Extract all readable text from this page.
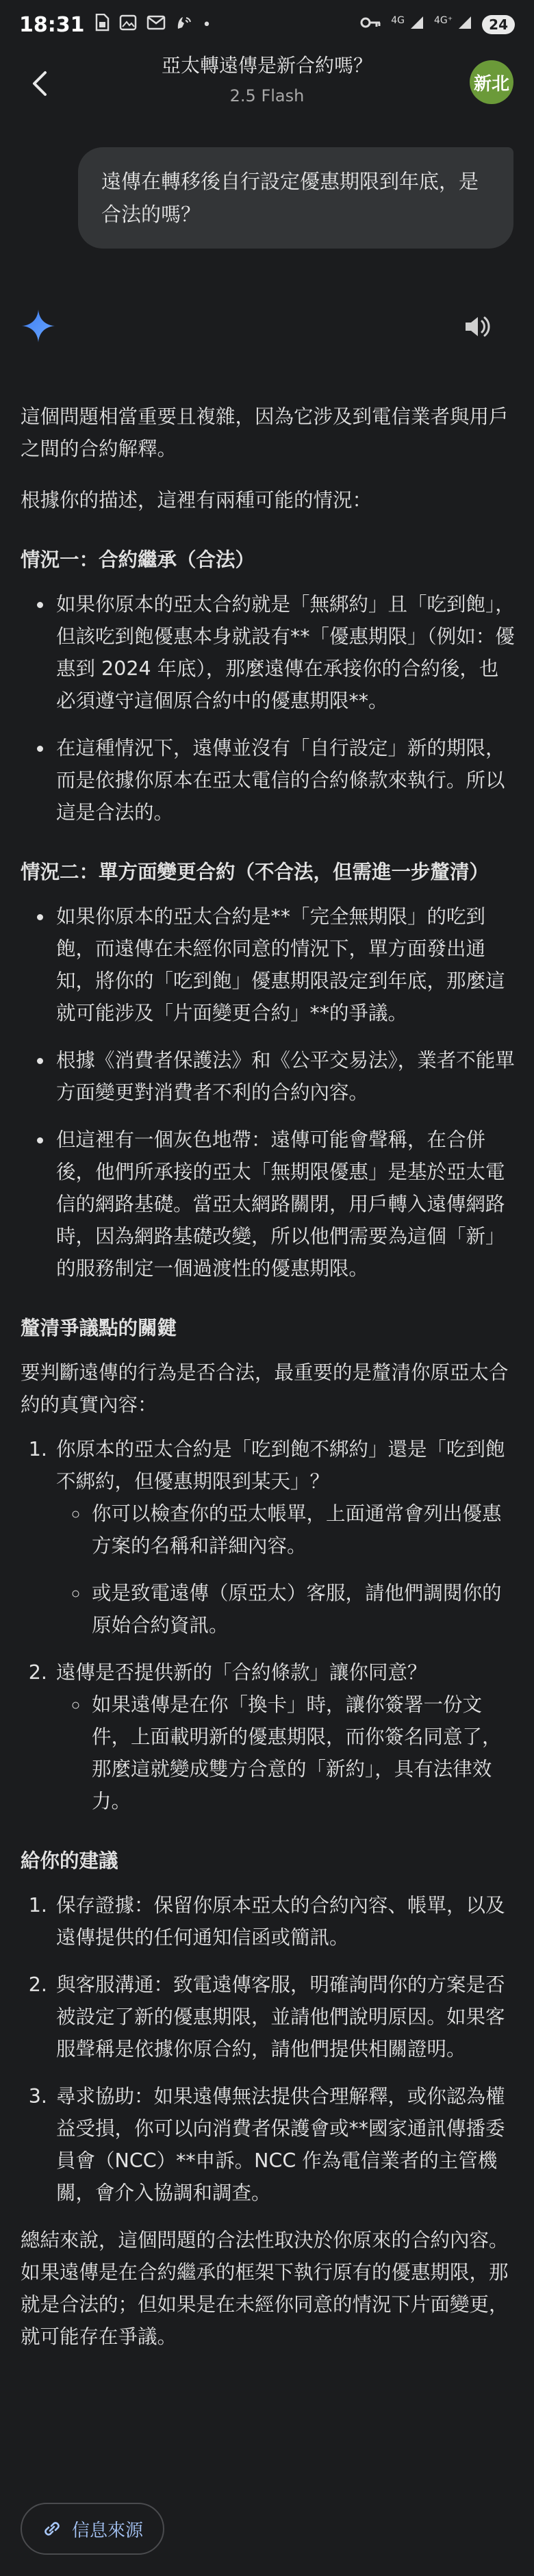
18:31	•	$^{4G}$	$^{4G^+}$	24
亞太轉遠傳是新合約嗎？
2.5 Flash
新北
遠傳在轉移後自行設定優惠期限到年底，是合法的嗎？

這個問題相當重要且複雜，因為它涉及到電信業者與用戶之間的合約解釋。

根據你的描述，這裡有兩種可能的情況：

情況一：合約繼承（合法）
• 如果你原本的亞太合約就是「無綁約」且「吃到飽」，但該吃到飽優惠本身就設有**「優惠期限」（例如：優惠到 2024 年底），那麼遠傳在承接你的合約後，也必須遵守這個原合約中的優惠期限**。
• 在這種情況下，遠傳並沒有「自行設定」新的期限，而是依據你原本在亞太電信的合約條款來執行。所以這是合法的。
情況二：單方面變更合約（不合法，但需進一步釐清）
• 如果你原本的亞太合約是**「完全無期限」的吃到飽，而遠傳在未經你同意的情況下，單方面發出通知，將你的「吃到飽」優惠期限設定到年底，那麼這就可能涉及「片面變更合約」**的爭議。
• 根據《消費者保護法》和《公平交易法》，業者不能單方面變更對消費者不利的合約內容。
• 但這裡有一個灰色地帶：遠傳可能會聲稱，在合併後，他們所承接的亞太「無期限優惠」是基於亞太電信的網路基礎。當亞太網路關閉，用戶轉入遠傳網路時，因為網路基礎改變，所以他們需要為這個「新」的服務制定一個過渡性的優惠期限。
釐清爭議點的關鍵

要判斷遠傳的行為是否合法，最重要的是釐清你原亞太合約的真實內容：

1. 你原本的亞太合約是「吃到飽不綁約」還是「吃到飽不綁約，但優惠期限到某天」？
◦ 你可以檢查你的亞太帳單，上面通常會列出優惠方案的名稱和詳細內容。
◦ 或是致電遠傳（原亞太）客服，請他們調閱你的原始合約資訊。
2. 遠傳是否提供新的「合約條款」讓你同意？
◦ 如果遠傳是在你「換卡」時，讓你簽署一份文件，上面載明新的優惠期限，而你簽名同意了，那麼這就變成雙方合意的「新約」，具有法律效力。
給你的建議
1. 保存證據：保留你原本亞太的合約內容、帳單，以及遠傳提供的任何通知信函或簡訊。
2. 與客服溝通：致電遠傳客服，明確詢問你的方案是否被設定了新的優惠期限，並請他們說明原因。如果客服聲稱是依據你原合約，請他們提供相關證明。
3. 尋求協助：如果遠傳無法提供合理解釋，或你認為權益受損，你可以向消費者保護會或**國家通訊傳播委員會（NCC）**申訴。NCC 作為電信業者的主管機關，會介入協調和調查。

總結來說，這個問題的合法性取決於你原來的合約內容。如果遠傳是在合約繼承的框架下執行原有的優惠期限，那就是合法的；但如果是在未經你同意的情況下片面變更，就可能存在爭議。

信息來源
